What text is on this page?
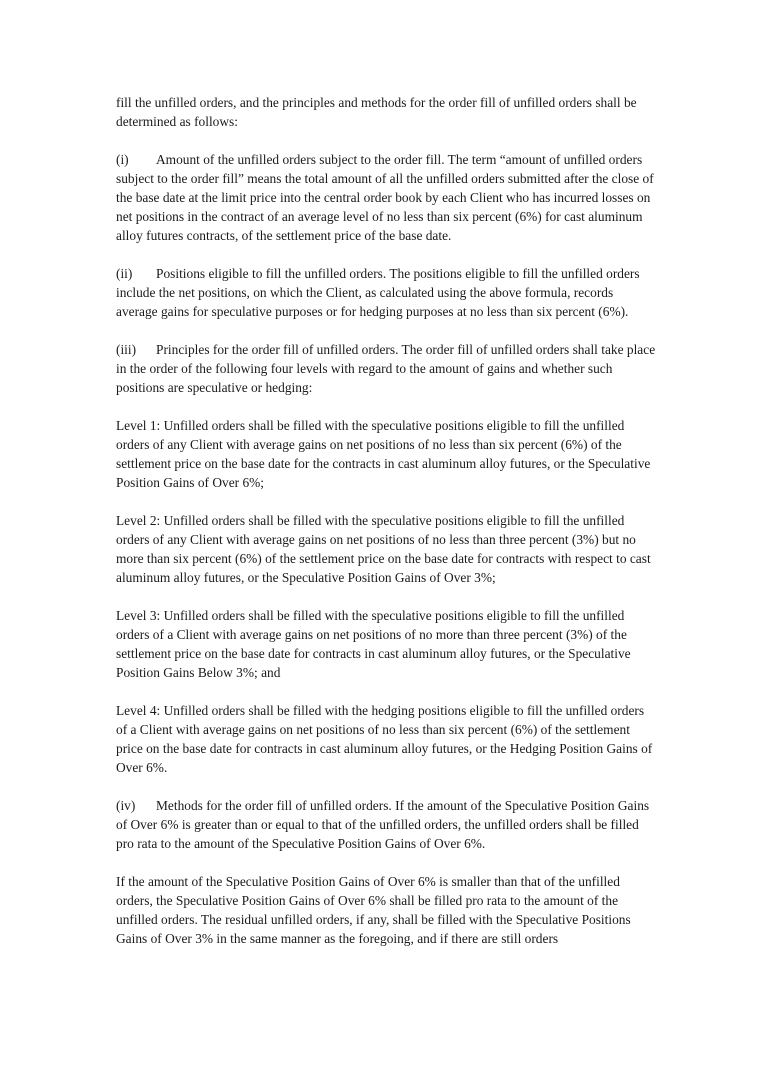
fill the unfilled orders, and the principles and methods for the order fill of unfilled orders shall be determined as follows:

(i) Amount of the unfilled orders subject to the order fill. The term “amount of unfilled orders subject to the order fill” means the total amount of all the unfilled orders submitted after the close of the base date at the limit price into the central order book by each Client who has incurred losses on net positions in the contract of an average level of no less than six percent (6%) for cast aluminum alloy futures contracts, of the settlement price of the base date.

(ii) Positions eligible to fill the unfilled orders. The positions eligible to fill the unfilled orders include the net positions, on which the Client, as calculated using the above formula, records average gains for speculative purposes or for hedging purposes at no less than six percent (6%).

(iii) Principles for the order fill of unfilled orders. The order fill of unfilled orders shall take place in the order of the following four levels with regard to the amount of gains and whether such positions are speculative or hedging:

Level 1: Unfilled orders shall be filled with the speculative positions eligible to fill the unfilled orders of any Client with average gains on net positions of no less than six percent (6%) of the settlement price on the base date for the contracts in cast aluminum alloy futures, or the Speculative Position Gains of Over 6%;

Level 2: Unfilled orders shall be filled with the speculative positions eligible to fill the unfilled orders of any Client with average gains on net positions of no less than three percent (3%) but no more than six percent (6%) of the settlement price on the base date for contracts with respect to cast aluminum alloy futures, or the Speculative Position Gains of Over 3%;

Level 3: Unfilled orders shall be filled with the speculative positions eligible to fill the unfilled orders of a Client with average gains on net positions of no more than three percent (3%) of the settlement price on the base date for contracts in cast aluminum alloy futures, or the Speculative Position Gains Below 3%; and

Level 4: Unfilled orders shall be filled with the hedging positions eligible to fill the unfilled orders of a Client with average gains on net positions of no less than six percent (6%) of the settlement price on the base date for contracts in cast aluminum alloy futures, or the Hedging Position Gains of Over 6%.

(iv) Methods for the order fill of unfilled orders. If the amount of the Speculative Position Gains of Over 6% is greater than or equal to that of the unfilled orders, the unfilled orders shall be filled pro rata to the amount of the Speculative Position Gains of Over 6%.

If the amount of the Speculative Position Gains of Over 6% is smaller than that of the unfilled orders, the Speculative Position Gains of Over 6% shall be filled pro rata to the amount of the unfilled orders. The residual unfilled orders, if any, shall be filled with the Speculative Positions Gains of Over 3% in the same manner as the foregoing, and if there are still orders
